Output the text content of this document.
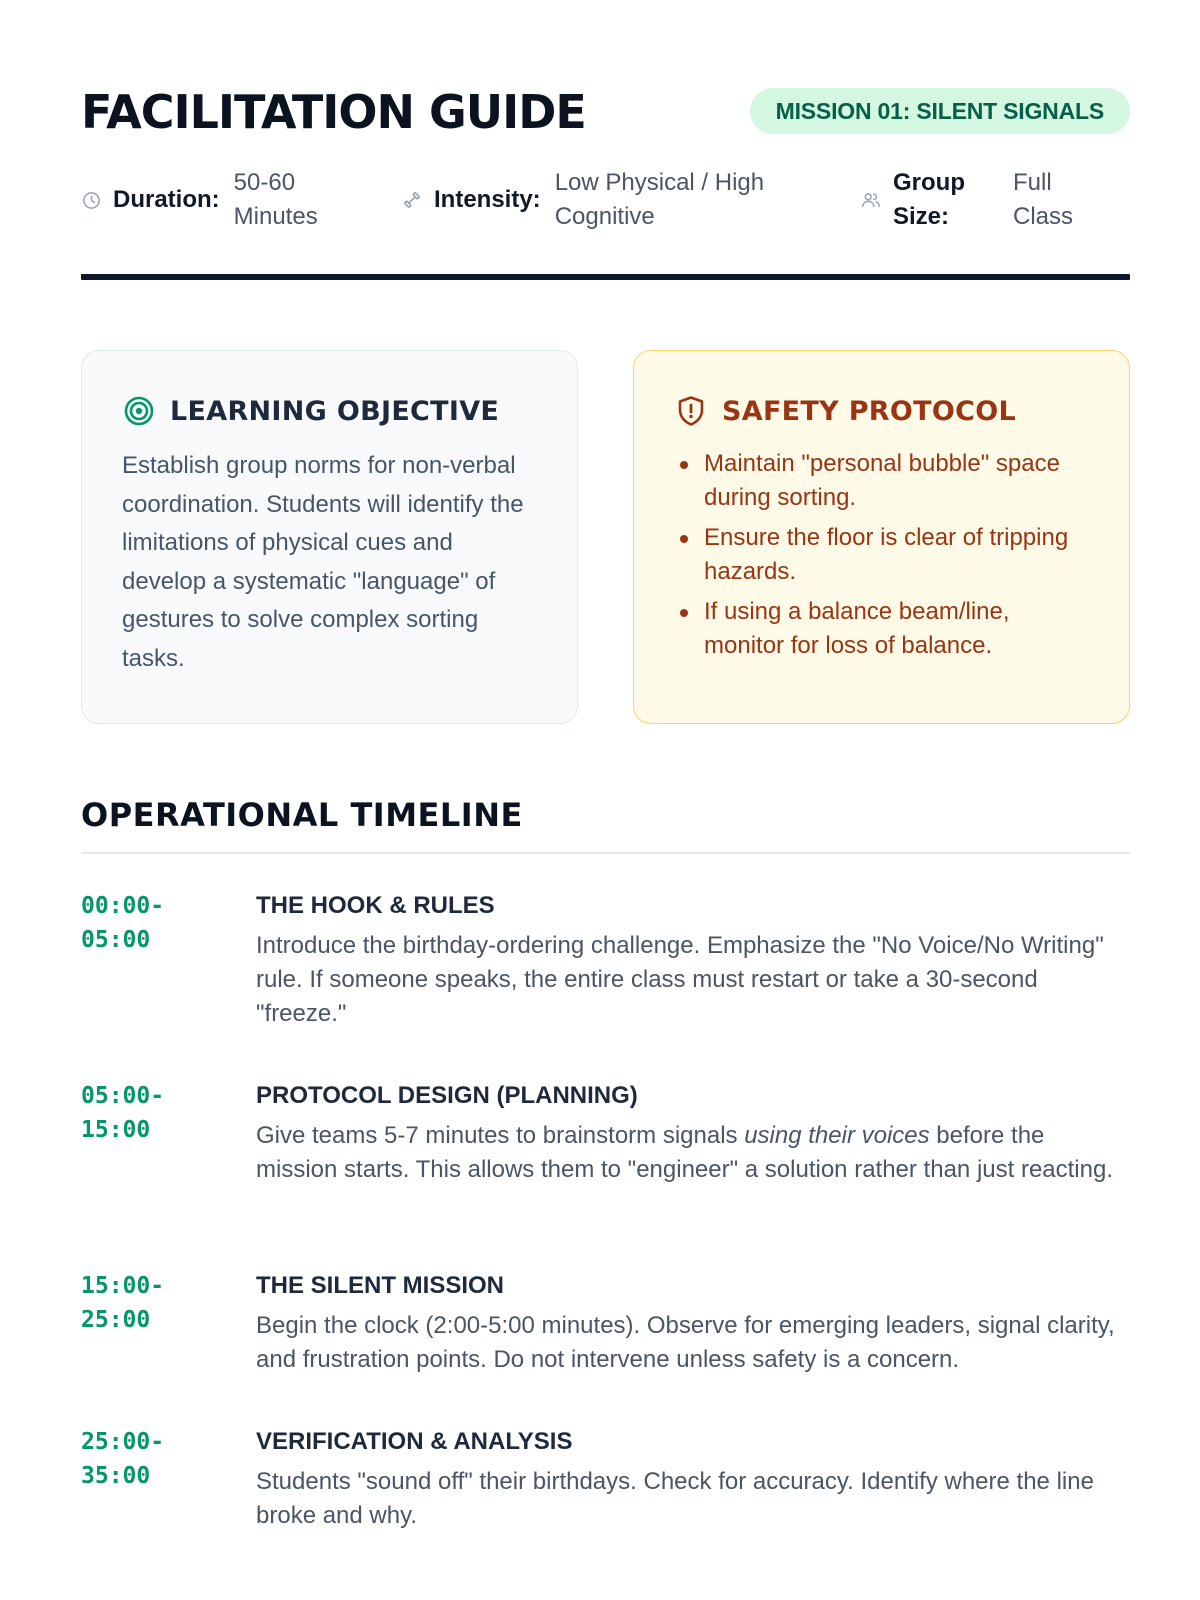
FACILITATION GUIDE	MISSION 01: SILENT SIGNALS
Duration:
50-60 Minutes
Intensity:
Low Physical / High Cognitive
Group Size:
Full Class
LEARNING OBJECTIVE

Establish group norms for non-verbal coordination. Students will identify the limitations of physical cues and develop a systematic "language" of gestures to solve complex sorting tasks.

SAFETY PROTOCOL
Maintain "personal bubble" space during sorting.
Ensure the floor is clear of tripping hazards.
If using a balance beam/line, monitor for loss of balance.
OPERATIONAL TIMELINE
00:00-
05:00
THE HOOK & RULES

Introduce the birthday-ordering challenge. Emphasize the "No Voice/No Writing" rule. If someone speaks, the entire class must restart or take a 30-second "freeze."

05:00-
15:00
PROTOCOL DESIGN (PLANNING)

Give teams 5-7 minutes to brainstorm signals using their voices before the mission starts. This allows them to "engineer" a solution rather than just reacting.

15:00-
25:00
THE SILENT MISSION

Begin the clock (2:00-5:00 minutes). Observe for emerging leaders, signal clarity, and frustration points. Do not intervene unless safety is a concern.

25:00-
35:00
VERIFICATION & ANALYSIS

Students "sound off" their birthdays. Check for accuracy. Identify where the line broke and why.
